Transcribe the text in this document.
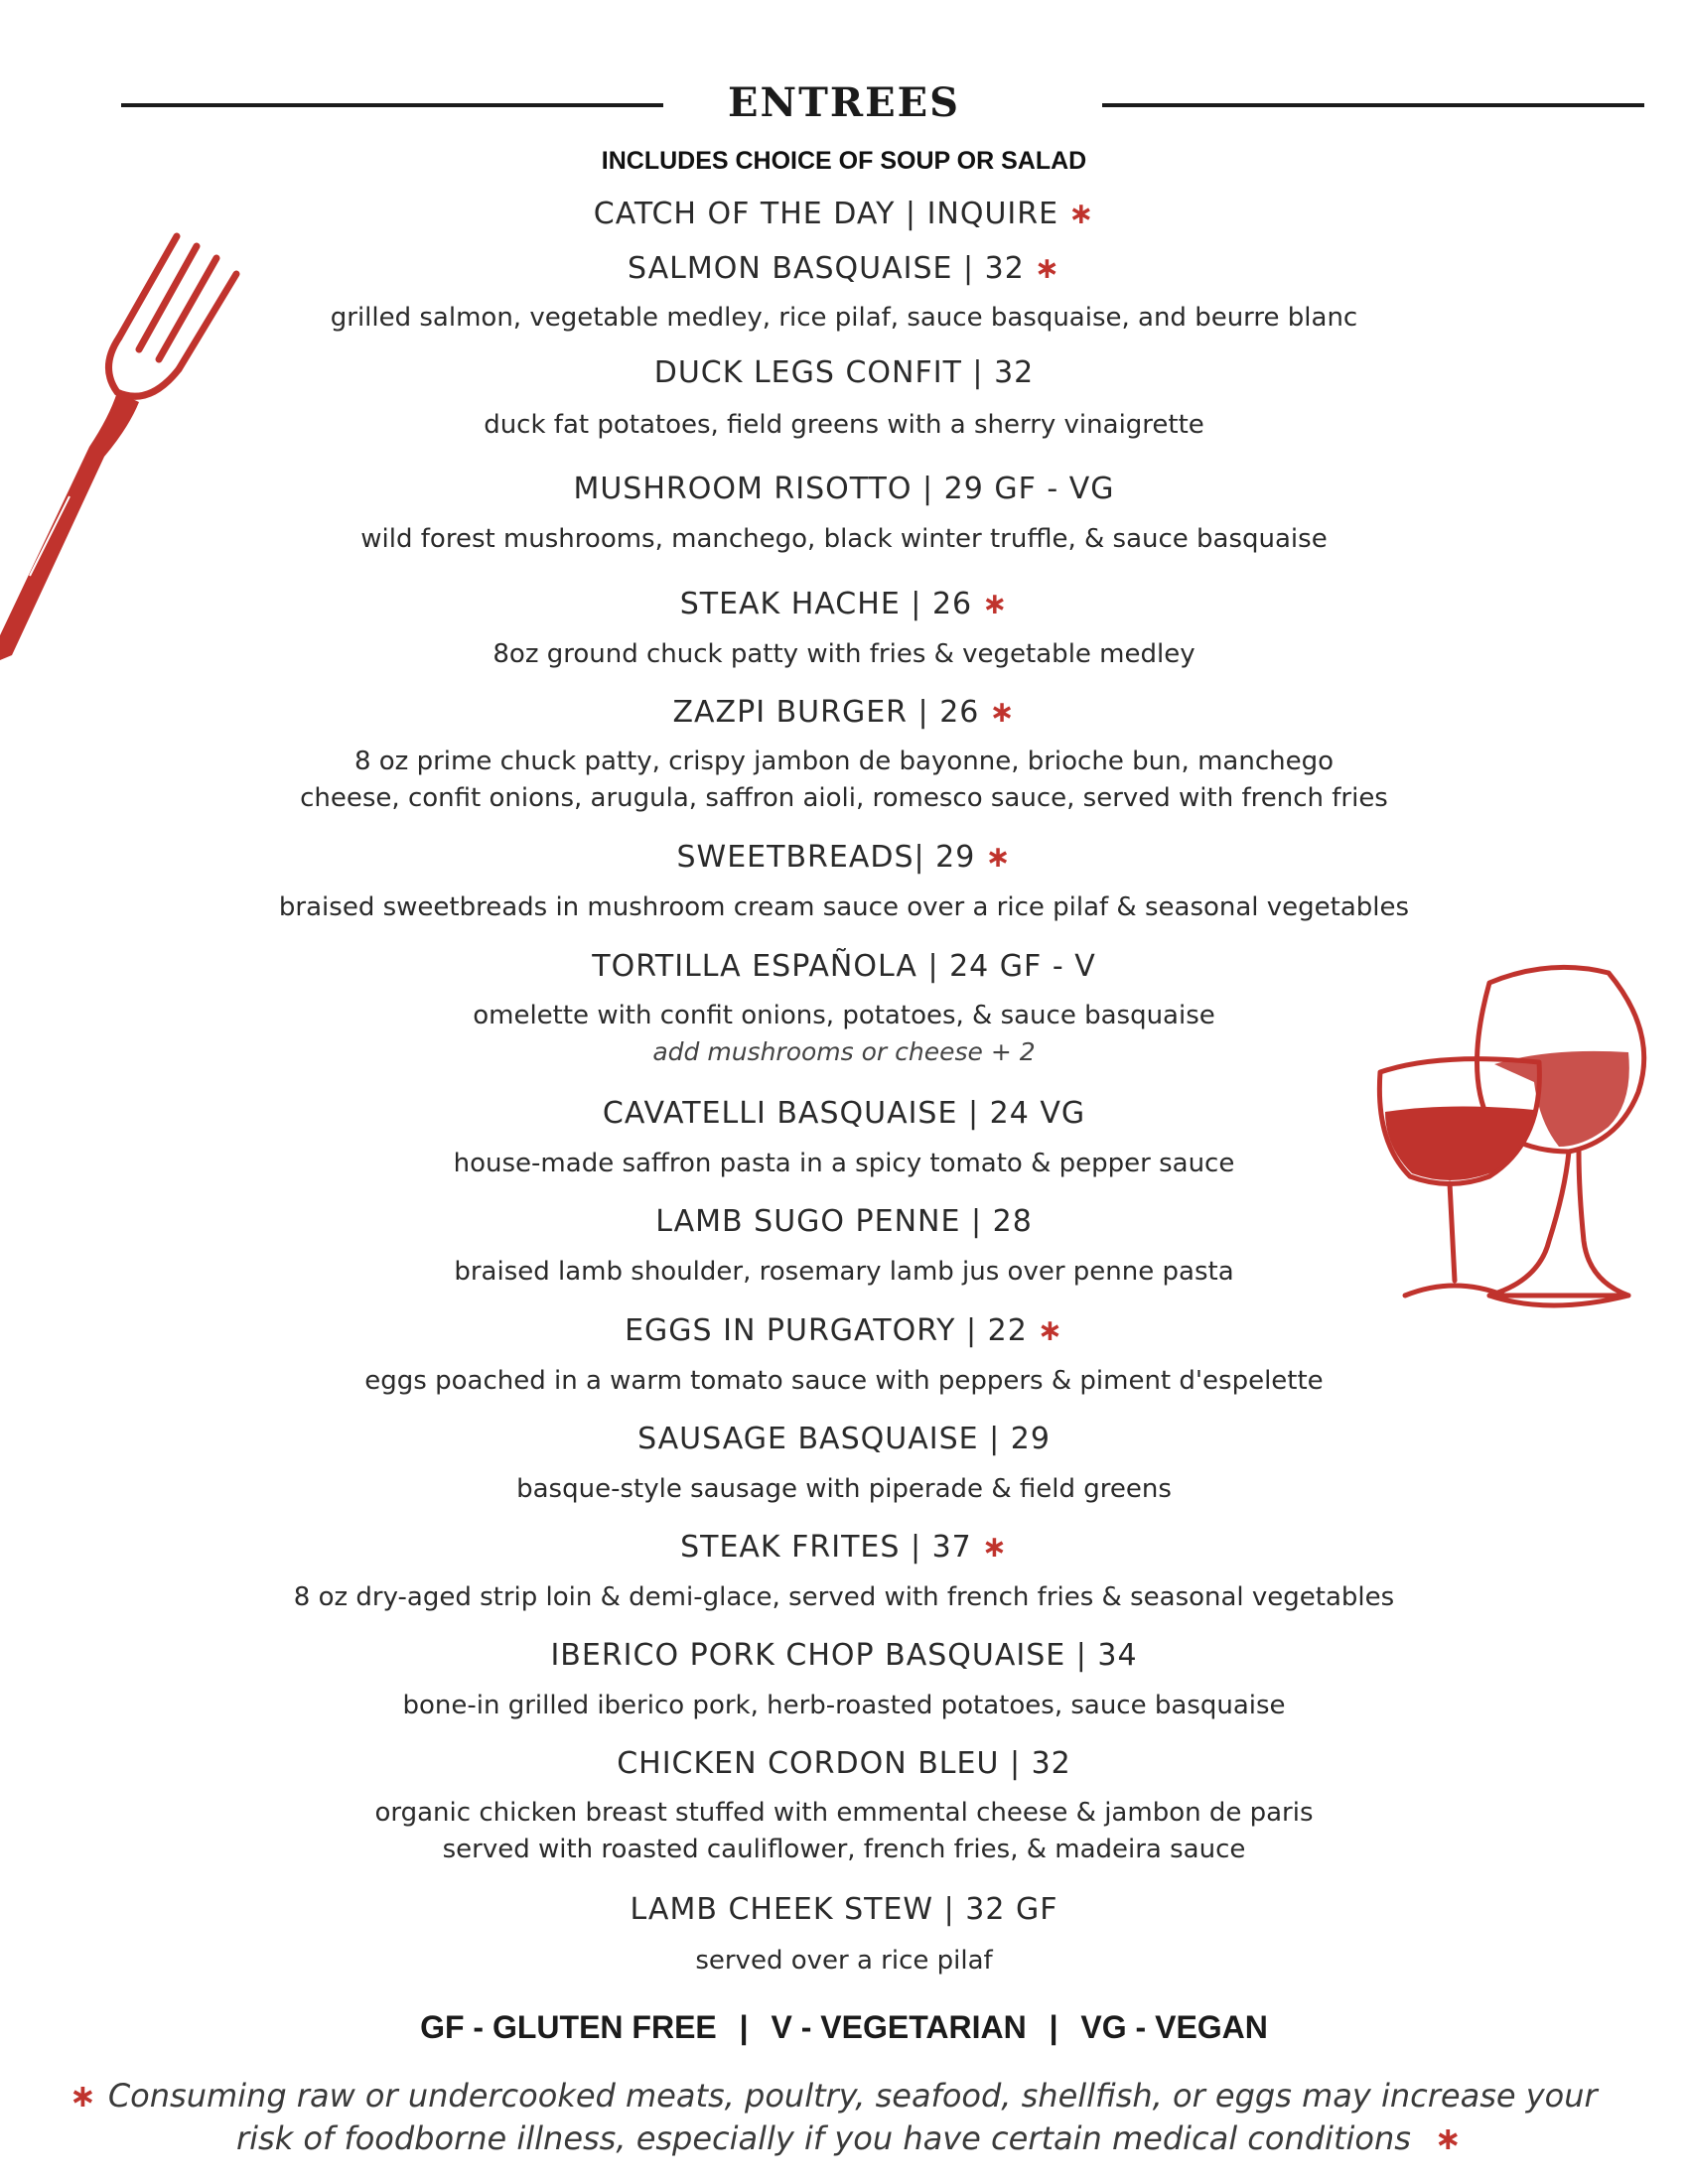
ENTREES
INCLUDES CHOICE OF SOUP OR SALAD
CATCH OF THE DAY | INQUIRE ∗
SALMON BASQUAISE | 32 ∗
grilled salmon, vegetable medley, rice pilaf, sauce basquaise, and beurre blanc
DUCK LEGS CONFIT | 32
duck fat potatoes, field greens with a sherry vinaigrette
MUSHROOM RISOTTO | 29 GF - VG
wild forest mushrooms, manchego, black winter truffle, & sauce basquaise
STEAK HACHE | 26 ∗
8oz ground chuck patty with fries & vegetable medley
ZAZPI BURGER | 26 ∗
8 oz prime chuck patty, crispy jambon de bayonne, brioche bun, manchego
cheese, confit onions, arugula, saffron aioli, romesco sauce, served with french fries
SWEETBREADS| 29 ∗
braised sweetbreads in mushroom cream sauce over a rice pilaf & seasonal vegetables
TORTILLA ESPAÑOLA | 24 GF - V
omelette with confit onions, potatoes, & sauce basquaise
add mushrooms or cheese + 2
CAVATELLI BASQUAISE | 24 VG
house-made saffron pasta in a spicy tomato & pepper sauce
LAMB SUGO PENNE | 28
braised lamb shoulder, rosemary lamb jus over penne pasta
EGGS IN PURGATORY | 22 ∗
eggs poached in a warm tomato sauce with peppers & piment d'espelette
SAUSAGE BASQUAISE | 29
basque-style sausage with piperade & field greens
STEAK FRITES | 37 ∗
8 oz dry-aged strip loin & demi-glace, served with french fries & seasonal vegetables
IBERICO PORK CHOP BASQUAISE | 34
bone-in grilled iberico pork, herb-roasted potatoes, sauce basquaise
CHICKEN CORDON BLEU | 32
organic chicken breast stuffed with emmental cheese & jambon de paris
served with roasted cauliflower, french fries, & madeira sauce
LAMB CHEEK STEW | 32 GF
served over a rice pilaf
GF - GLUTEN FREE | V - VEGETARIAN | VG - VEGAN
∗ Consuming raw or undercooked meats, poultry, seafood, shellfish, or eggs may increase your
risk of foodborne illness, especially if you have certain medical conditions ∗
